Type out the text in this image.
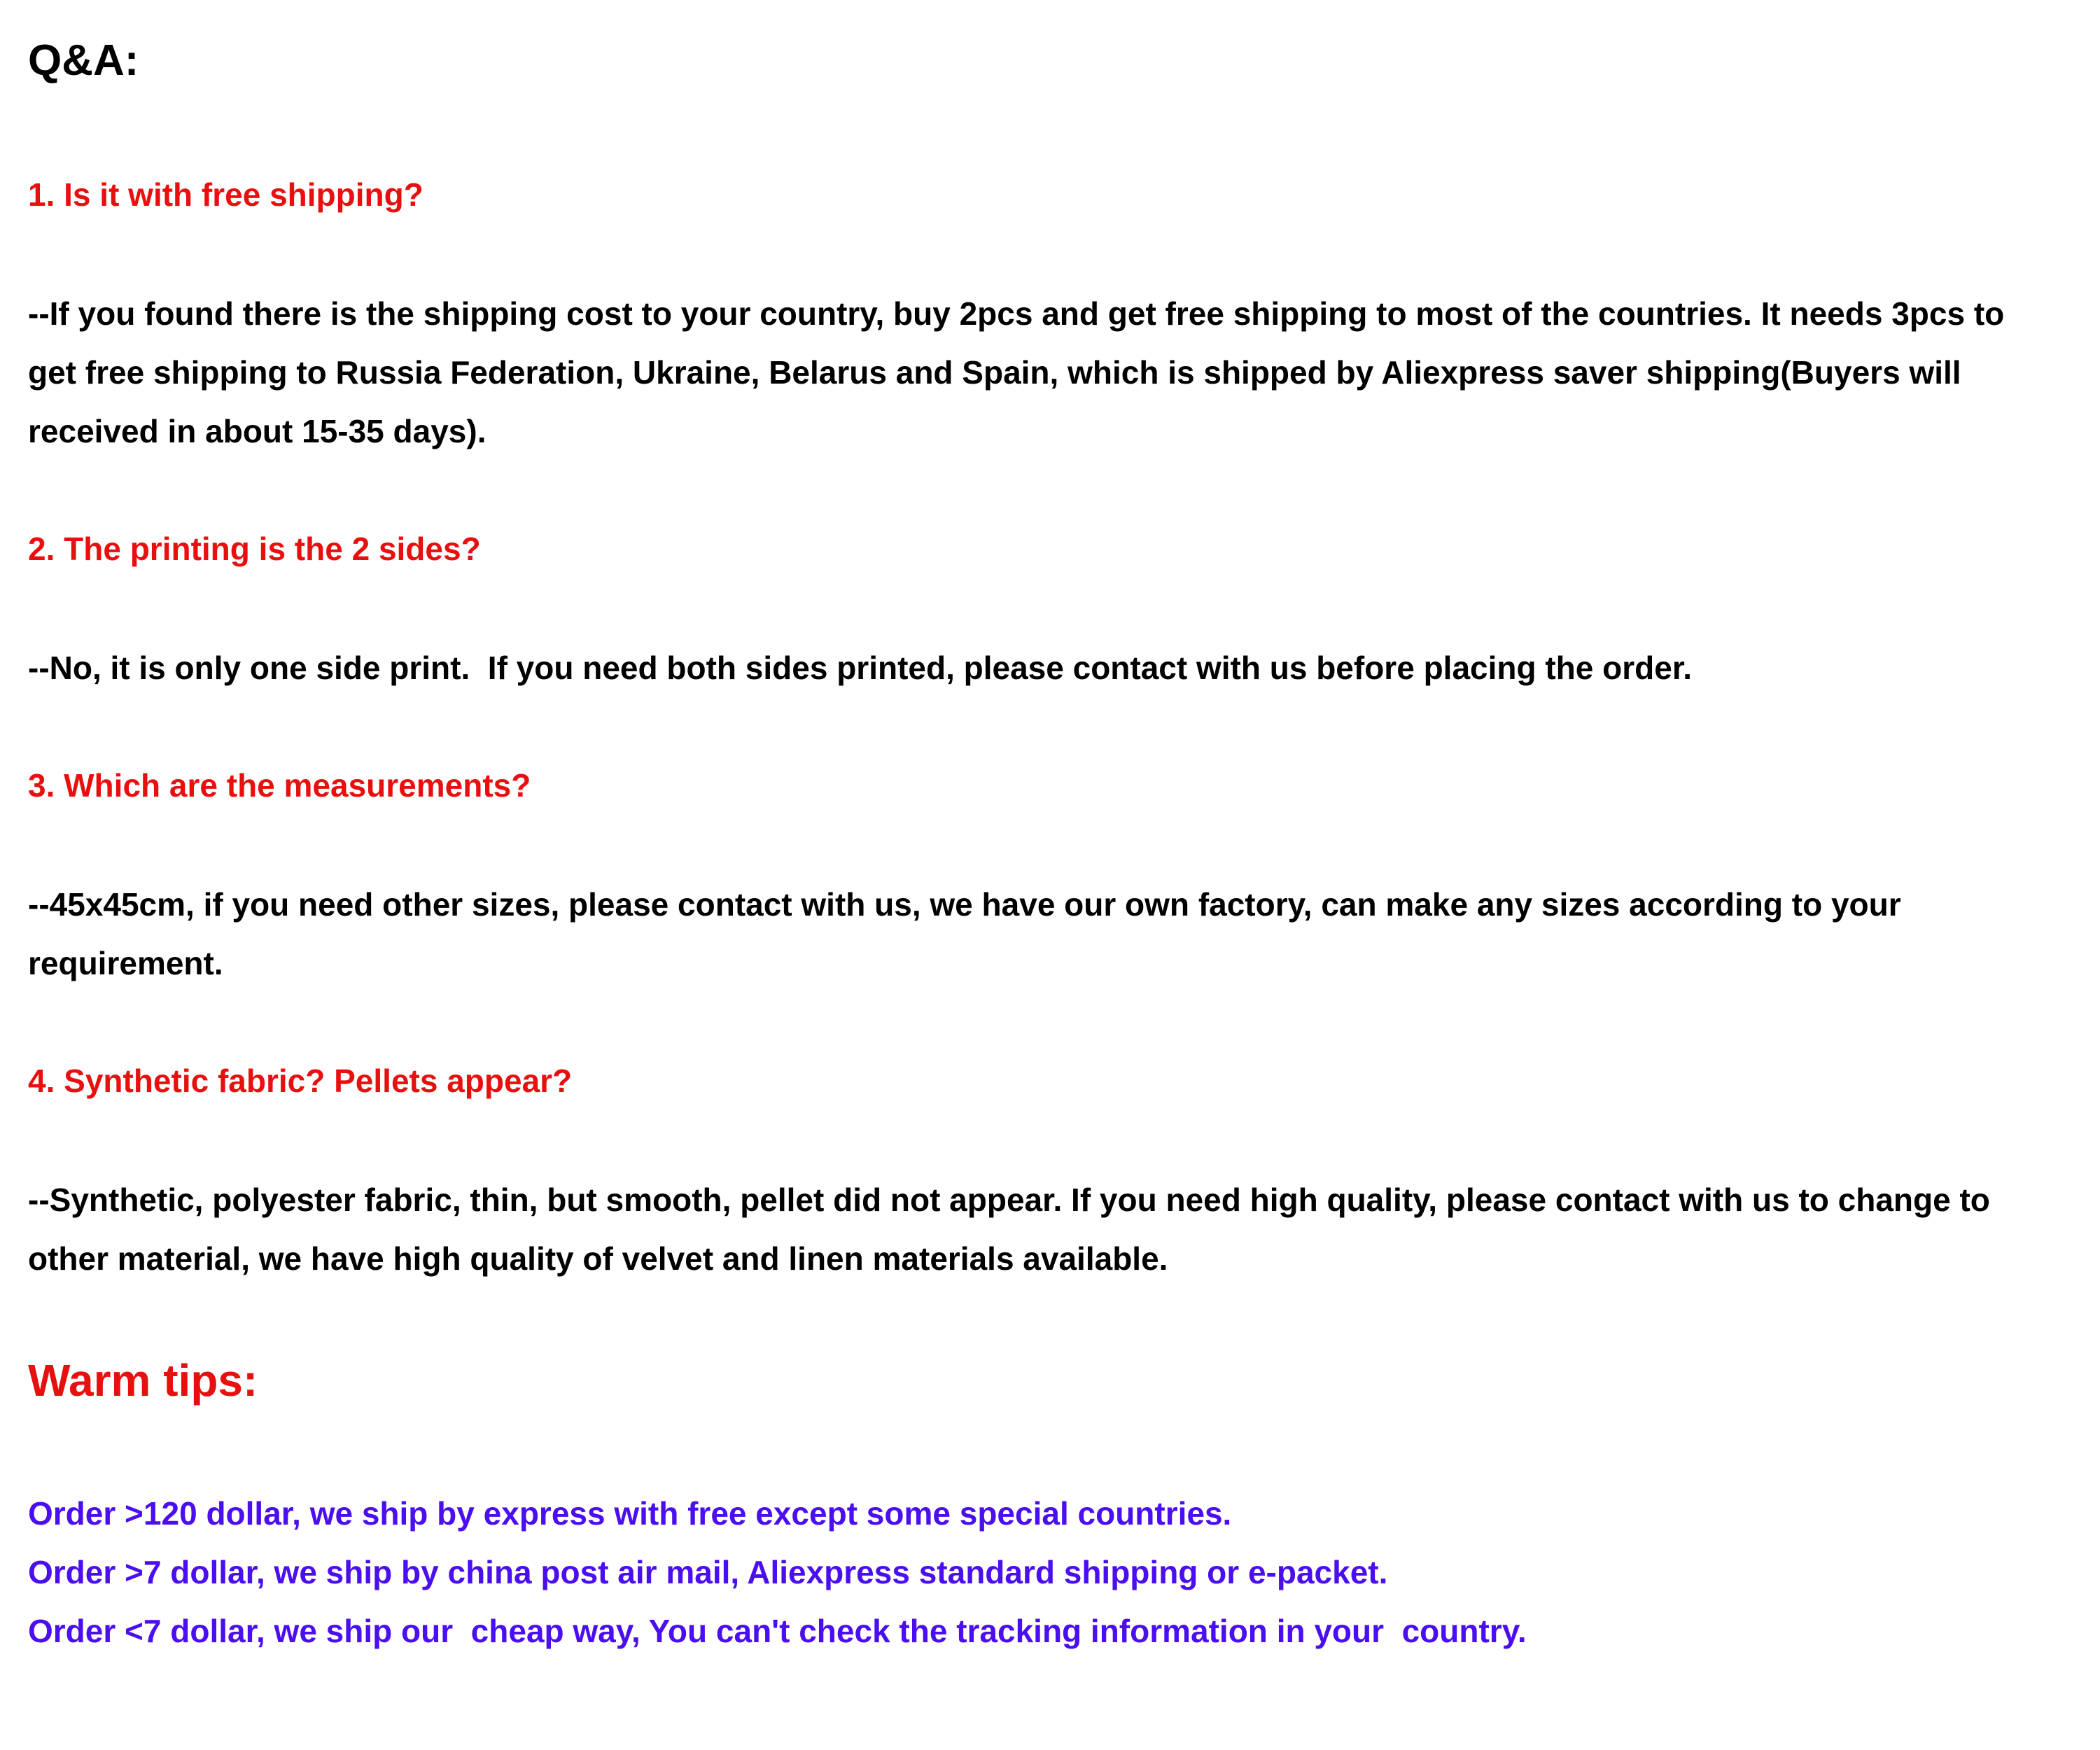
Q&A:

1. Is it with free shipping?

--If you found there is the shipping cost to your country, buy 2pcs and get free shipping to most of the countries. It needs 3pcs to
get free shipping to Russia Federation, Ukraine, Belarus and Spain, which is shipped by Aliexpress saver shipping(Buyers will
received in about 15-35 days).

2. The printing is the 2 sides?

--No, it is only one side print.  If you need both sides printed, please contact with us before placing the order.

3. Which are the measurements?

--45x45cm, if you need other sizes, please contact with us, we have our own factory, can make any sizes according to your
requirement.

4. Synthetic fabric? Pellets appear?

--Synthetic, polyester fabric, thin, but smooth, pellet did not appear. If you need high quality, please contact with us to change to
other material, we have high quality of velvet and linen materials available.
Warm tips:
Order >120 dollar, we ship by express with free except some special countries.
Order >7 dollar, we ship by china post air mail, Aliexpress standard shipping or e-packet.
Order <7 dollar, we ship our  cheap way, You can't check the tracking information in your  country.
